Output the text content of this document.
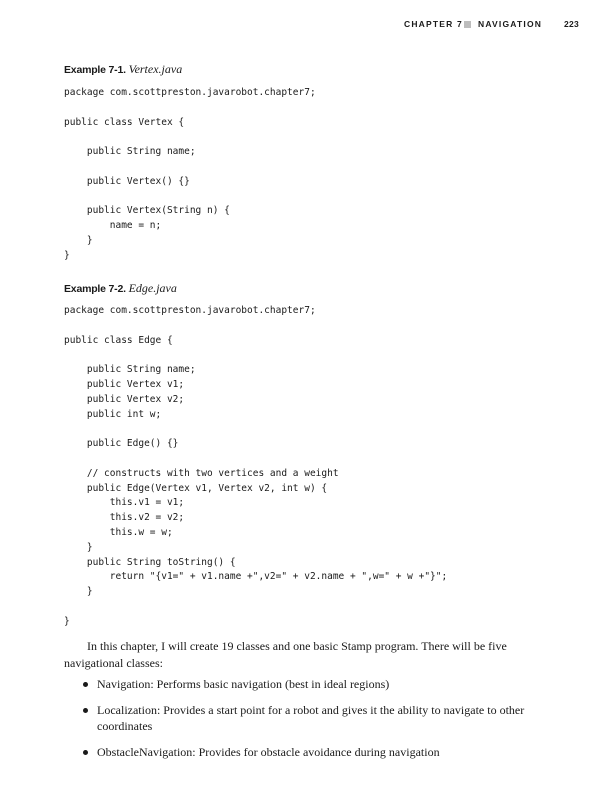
CHAPTER 7 NAVIGATION	223
Example 7-1. Vertex.java
package com.scottpreston.javarobot.chapter7;
public class Vertex {
public String name;
public Vertex() {}
public Vertex(String n) {
name = n;
}
}
Example 7-2. Edge.java
package com.scottpreston.javarobot.chapter7;
public class Edge {
public String name;
public Vertex v1;
public Vertex v2;
public int w;
public Edge() {}
// constructs with two vertices and a weight
public Edge(Vertex v1, Vertex v2, int w) {
this.v1 = v1;
this.v2 = v2;
this.w = w;
}
public String toString() {
return "{v1=" + v1.name +",v2=" + v2.name + ",w=" + w +"}";
}
}

In this chapter, I will create 19 classes and one basic Stamp program. There will be five navigational classes:

Navigation: Performs basic navigation (best in ideal regions)
Localization: Provides a start point for a robot and gives it the ability to navigate to other coordinates
ObstacleNavigation: Provides for obstacle avoidance during navigation
